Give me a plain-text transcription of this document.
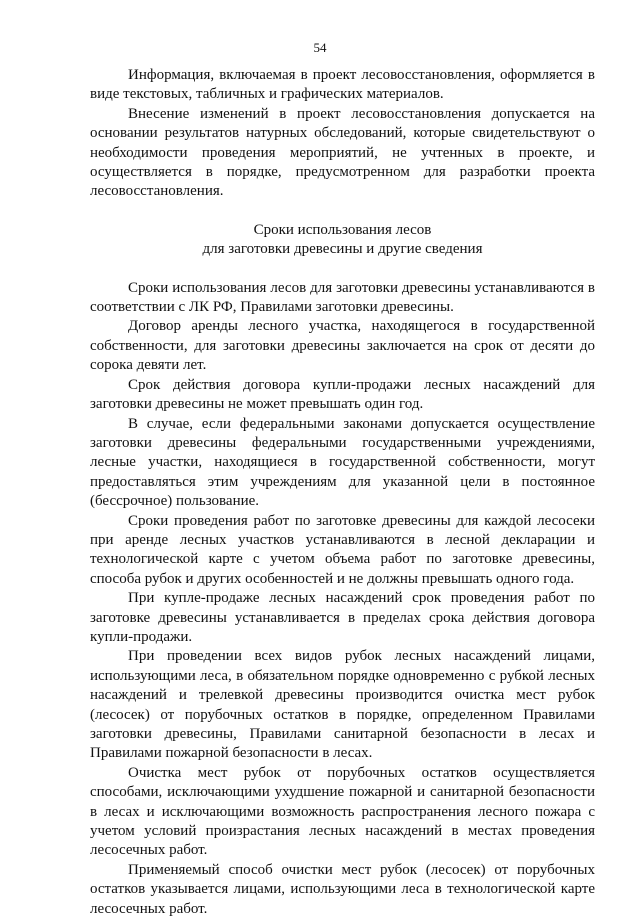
54

Информация, включаемая в проект лесовосстановления, оформляется в виде текстовых, табличных и графических материалов.

Внесение изменений в проект лесовосстановления допускается на основании результатов натурных обследований, которые свидетельствуют о необходимости проведения мероприятий, не учтенных в проекте, и осуществляется в порядке, предусмотренном для разработки проекта лесовосстановления.

Сроки использования лесов

для заготовки древесины и другие сведения

Сроки использования лесов для заготовки древесины устанавливаются в соответствии с ЛК РФ, Правилами заготовки древесины.

Договор аренды лесного участка, находящегося в государственной собственности, для заготовки древесины заключается на срок от десяти до сорока девяти лет.

Срок действия договора купли-продажи лесных насаждений для заготовки древесины не может превышать один год.

В случае, если федеральными законами допускается осуществление заготовки древесины федеральными государственными учреждениями, лесные участки, находящиеся в государственной собственности, могут предоставляться этим учреждениям для указанной цели в постоянное (бессрочное) пользование.

Сроки проведения работ по заготовке древесины для каждой лесосеки при аренде лесных участков устанавливаются в лесной декларации и технологической карте с учетом объема работ по заготовке древесины, способа рубок и других особенностей и не должны превышать одного года.

При купле-продаже лесных насаждений срок проведения работ по заготовке древесины устанавливается в пределах срока действия договора купли-продажи.

При проведении всех видов рубок лесных насаждений лицами, использующими леса, в обязательном порядке одновременно с рубкой лесных насаждений и трелевкой древесины производится очистка мест рубок (лесосек) от порубочных остатков в порядке, определенном Правилами заготовки древесины, Правилами санитарной безопасности в лесах и Правилами пожарной безопасности в лесах.

Очистка мест рубок от порубочных остатков осуществляется способами, исключающими ухудшение пожарной и санитарной безопасности в лесах и исключающими возможность распространения лесного пожара с учетом условий произрастания лесных насаждений в местах проведения лесосечных работ.

Применяемый способ очистки мест рубок (лесосек) от порубочных остатков указывается лицами, использующими леса в технологической карте лесосечных работ.
